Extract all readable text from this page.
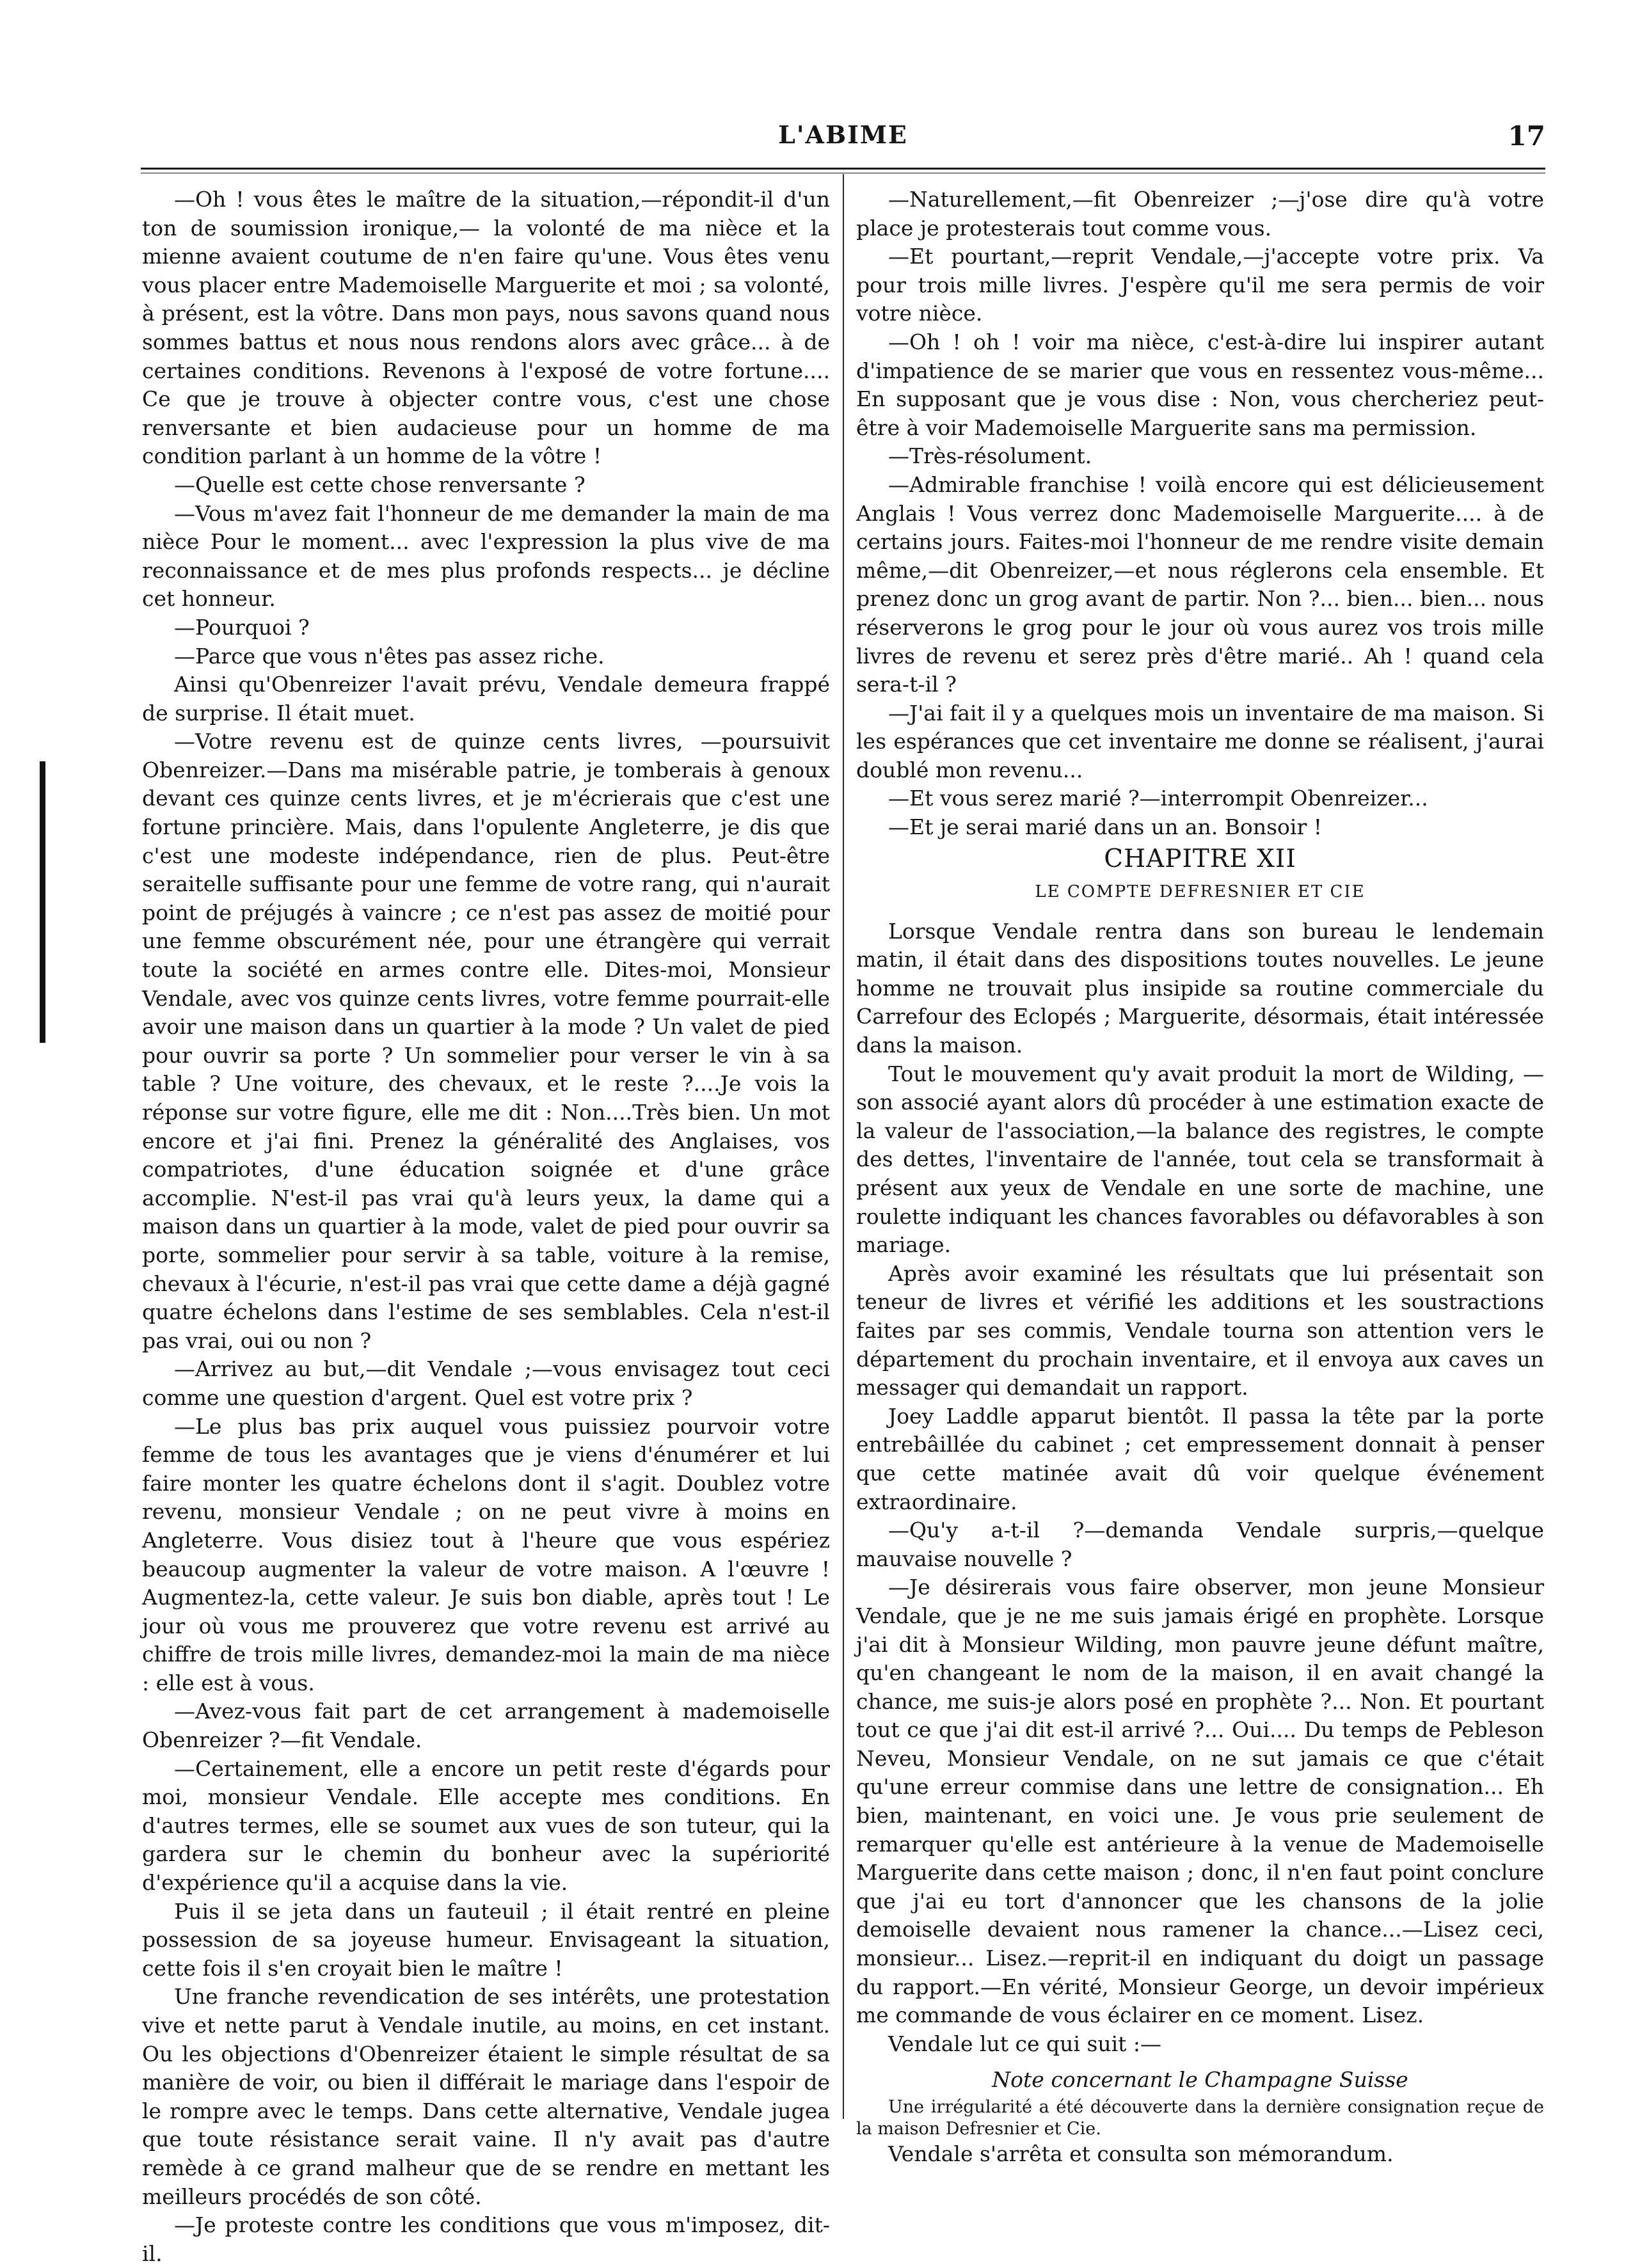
L'ABIME	17

—Oh ! vous êtes le maître de la situation,—répondit-il d'un ton de soumission ironique,— la volonté de ma nièce et la mienne avaient coutume de n'en faire qu'une. Vous êtes venu vous placer entre Mademoiselle Marguerite et moi ; sa volonté, à présent, est la vôtre. Dans mon pays, nous savons quand nous sommes battus et nous nous rendons alors avec grâce... à de certaines conditions. Revenons à l'exposé de votre fortune.... Ce que je trouve à objecter contre vous, c'est une chose renversante et bien audacieuse pour un homme de ma condition parlant à un homme de la vôtre !

—Quelle est cette chose renversante ?

—Vous m'avez fait l'honneur de me demander la main de ma nièce Pour le moment... avec l'expression la plus vive de ma reconnaissance et de mes plus profonds respects... je décline cet honneur.

—Pourquoi ?

—Parce que vous n'êtes pas assez riche.

Ainsi qu'Obenreizer l'avait prévu, Vendale demeura frappé de surprise. Il était muet.

—Votre revenu est de quinze cents livres, —poursuivit Obenreizer.—Dans ma misérable patrie, je tomberais à genoux devant ces quinze cents livres, et je m'écrierais que c'est une fortune princière. Mais, dans l'opulente Angleterre, je dis que c'est une modeste indépendance, rien de plus. Peut-être seraitelle suffisante pour une femme de votre rang, qui n'aurait point de préjugés à vaincre ; ce n'est pas assez de moitié pour une femme obscurément née, pour une étrangère qui verrait toute la société en armes contre elle. Dites-moi, Monsieur Vendale, avec vos quinze cents livres, votre femme pourrait-elle avoir une maison dans un quartier à la mode ? Un valet de pied pour ouvrir sa porte ? Un sommelier pour verser le vin à sa table ? Une voiture, des chevaux, et le reste ?....Je vois la réponse sur votre figure, elle me dit : Non....Très bien. Un mot encore et j'ai fini. Prenez la généralité des Anglaises, vos compatriotes, d'une éducation soignée et d'une grâce accomplie. N'est-il pas vrai qu'à leurs yeux, la dame qui a maison dans un quartier à la mode, valet de pied pour ouvrir sa porte, sommelier pour servir à sa table, voiture à la remise, chevaux à l'écurie, n'est-il pas vrai que cette dame a déjà gagné quatre échelons dans l'estime de ses semblables. Cela n'est-il pas vrai, oui ou non ?

—Arrivez au but,—dit Vendale ;—vous envisagez tout ceci comme une question d'argent. Quel est votre prix ?

—Le plus bas prix auquel vous puissiez pourvoir votre femme de tous les avantages que je viens d'énumérer et lui faire monter les quatre échelons dont il s'agit. Doublez votre revenu, monsieur Vendale ; on ne peut vivre à moins en Angleterre. Vous disiez tout à l'heure que vous espériez beaucoup augmenter la valeur de votre maison. A l'œuvre ! Augmentez-la, cette valeur. Je suis bon diable, après tout ! Le jour où vous me prouverez que votre revenu est arrivé au chiffre de trois mille livres, demandez-moi la main de ma nièce : elle est à vous.

—Avez-vous fait part de cet arrangement à mademoiselle Obenreizer ?—fit Vendale.

—Certainement, elle a encore un petit reste d'égards pour moi, monsieur Vendale. Elle accepte mes conditions. En d'autres termes, elle se soumet aux vues de son tuteur, qui la gardera sur le chemin du bonheur avec la supériorité d'expérience qu'il a acquise dans la vie.

Puis il se jeta dans un fauteuil ; il était rentré en pleine possession de sa joyeuse humeur. Envisageant la situation, cette fois il s'en croyait bien le maître !

Une franche revendication de ses intérêts, une protestation vive et nette parut à Vendale inutile, au moins, en cet instant. Ou les objections d'Obenreizer étaient le simple résultat de sa manière de voir, ou bien il différait le mariage dans l'espoir de le rompre avec le temps. Dans cette alternative, Vendale jugea que toute résistance serait vaine. Il n'y avait pas d'autre remède à ce grand malheur que de se rendre en mettant les meilleurs procédés de son côté.

—Je proteste contre les conditions que vous m'imposez, dit-il.

—Naturellement,—fit Obenreizer ;—j'ose dire qu'à votre place je protesterais tout comme vous.

—Et pourtant,—reprit Vendale,—j'accepte votre prix. Va pour trois mille livres. J'espère qu'il me sera permis de voir votre nièce.

—Oh ! oh ! voir ma nièce, c'est-à-dire lui inspirer autant d'impatience de se marier que vous en ressentez vous-même... En supposant que je vous dise : Non, vous chercheriez peut-être à voir Mademoiselle Marguerite sans ma permission.

—Très-résolument.

—Admirable franchise ! voilà encore qui est délicieusement Anglais ! Vous verrez donc Mademoiselle Marguerite.... à de certains jours. Faites-moi l'honneur de me rendre visite demain même,—dit Obenreizer,—et nous réglerons cela ensemble. Et prenez donc un grog avant de partir. Non ?... bien... bien... nous réserverons le grog pour le jour où vous aurez vos trois mille livres de revenu et serez près d'être marié.. Ah ! quand cela sera-t-il ?

—J'ai fait il y a quelques mois un inventaire de ma maison. Si les espérances que cet inventaire me donne se réalisent, j'aurai doublé mon revenu...

—Et vous serez marié ?—interrompit Obenreizer...

—Et je serai marié dans un an. Bonsoir !

CHAPITRE XII
LE COMPTE DEFRESNIER ET CIE

Lorsque Vendale rentra dans son bureau le lendemain matin, il était dans des dispositions toutes nouvelles. Le jeune homme ne trouvait plus insipide sa routine commerciale du Carrefour des Eclopés ; Marguerite, désormais, était intéressée dans la maison.

Tout le mouvement qu'y avait produit la mort de Wilding, —son associé ayant alors dû procéder à une estimation exacte de la valeur de l'association,—la balance des registres, le compte des dettes, l'inventaire de l'année, tout cela se transformait à présent aux yeux de Vendale en une sorte de machine, une roulette indiquant les chances favorables ou défavorables à son mariage.

Après avoir examiné les résultats que lui présentait son teneur de livres et vérifié les additions et les soustractions faites par ses commis, Vendale tourna son attention vers le département du prochain inventaire, et il envoya aux caves un messager qui demandait un rapport.

Joey Laddle apparut bientôt. Il passa la tête par la porte entrebâillée du cabinet ; cet empressement donnait à penser que cette matinée avait dû voir quelque événement extraordinaire.

—Qu'y a-t-il ?—demanda Vendale surpris,—quelque mauvaise nouvelle ?

—Je désirerais vous faire observer, mon jeune Monsieur Vendale, que je ne me suis jamais érigé en prophète. Lorsque j'ai dit à Monsieur Wilding, mon pauvre jeune défunt maître, qu'en changeant le nom de la maison, il en avait changé la chance, me suis-je alors posé en prophète ?... Non. Et pourtant tout ce que j'ai dit est-il arrivé ?... Oui.... Du temps de Pebleson Neveu, Monsieur Vendale, on ne sut jamais ce que c'était qu'une erreur commise dans une lettre de consignation... Eh bien, maintenant, en voici une. Je vous prie seulement de remarquer qu'elle est antérieure à la venue de Mademoiselle Marguerite dans cette maison ; donc, il n'en faut point conclure que j'ai eu tort d'annoncer que les chansons de la jolie demoiselle devaient nous ramener la chance...—Lisez ceci, monsieur... Lisez.—reprit-il en indiquant du doigt un passage du rapport.—En vérité, Monsieur George, un devoir impérieux me commande de vous éclairer en ce moment. Lisez.

Vendale lut ce qui suit :—

Note concernant le Champagne Suisse

Une irrégularité a été découverte dans la dernière consignation reçue de la maison Defresnier et Cie.

Vendale s'arrêta et consulta son mémorandum.
